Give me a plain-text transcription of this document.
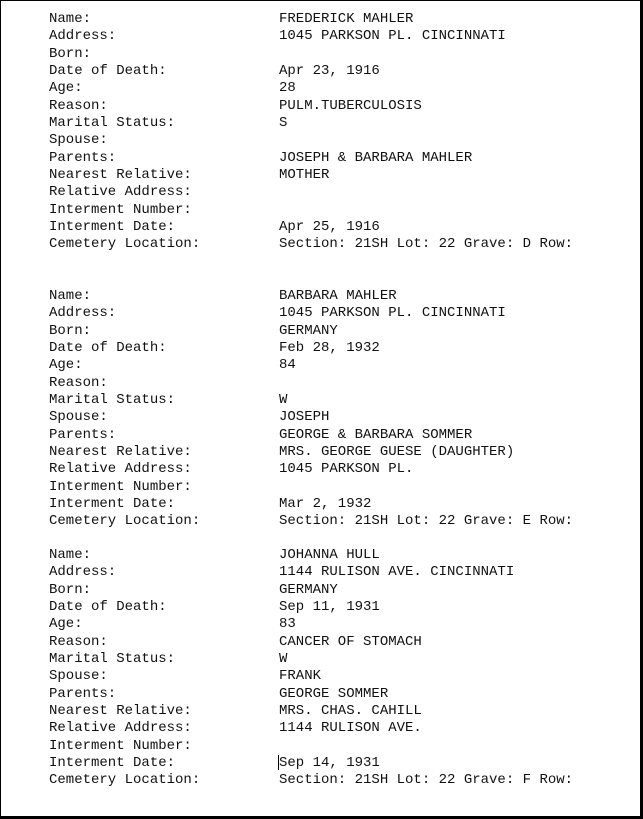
Name:	FREDERICK MAHLER
Address:	1045 PARKSON PL. CINCINNATI
Born:
Date of Death:	Apr 23, 1916
Age:	28
Reason:	PULM.TUBERCULOSIS
Marital Status:	S
Spouse:
Parents:	JOSEPH & BARBARA MAHLER
Nearest Relative:	MOTHER
Relative Address:
Interment Number:
Interment Date:	Apr 25, 1916
Cemetery Location:	Section: 21SH Lot: 22 Grave: D Row:
Name:	BARBARA MAHLER
Address:	1045 PARKSON PL. CINCINNATI
Born:	GERMANY
Date of Death:	Feb 28, 1932
Age:	84
Reason:
Marital Status:	W
Spouse:	JOSEPH
Parents:	GEORGE & BARBARA SOMMER
Nearest Relative:	MRS. GEORGE GUESE (DAUGHTER)
Relative Address:	1045 PARKSON PL.
Interment Number:
Interment Date:	Mar 2, 1932
Cemetery Location:	Section: 21SH Lot: 22 Grave: E Row:
Name:	JOHANNA HULL
Address:	1144 RULISON AVE. CINCINNATI
Born:	GERMANY
Date of Death:	Sep 11, 1931
Age:	83
Reason:	CANCER OF STOMACH
Marital Status:	W
Spouse:	FRANK
Parents:	GEORGE SOMMER
Nearest Relative:	MRS. CHAS. CAHILL
Relative Address:	1144 RULISON AVE.
Interment Number:
Interment Date:	Sep 14, 1931
Cemetery Location:	Section: 21SH Lot: 22 Grave: F Row:
